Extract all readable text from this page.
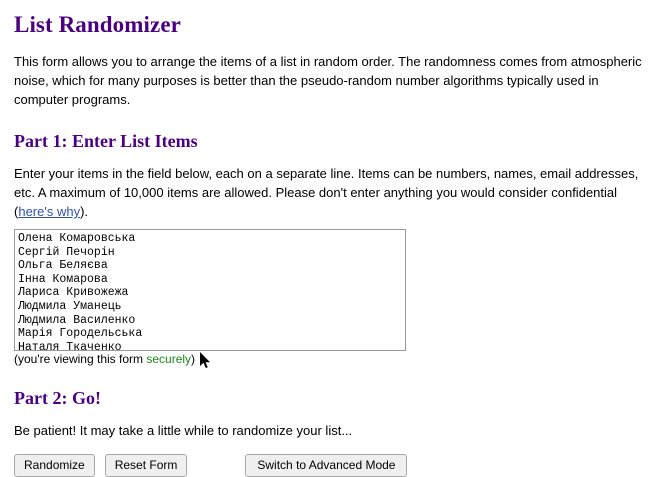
List Randomizer

This form allows you to arrange the items of a list in random order. The randomness comes from atmospheric noise, which for many purposes is better than the pseudo-random number algorithms typically used in computer programs.

Part 1: Enter List Items

Enter your items in the field below, each on a separate line. Items can be numbers, names, email addresses, etc. A maximum of 10,000 items are allowed. Please don't enter anything you would consider confidential (here's why).

Олена Комаровська Сергій Печорін Ольга Беляєва Інна Комарова Лариса Кривожежа Людмила Уманець Людмила Василенко Марія Городельська Наталя Ткаченко Ольга Здробилко

(you're viewing this form securely)

Part 2: Go!

Be patient! It may take a little while to randomize your list...

Randomize	Reset Form	Switch to Advanced Mode
